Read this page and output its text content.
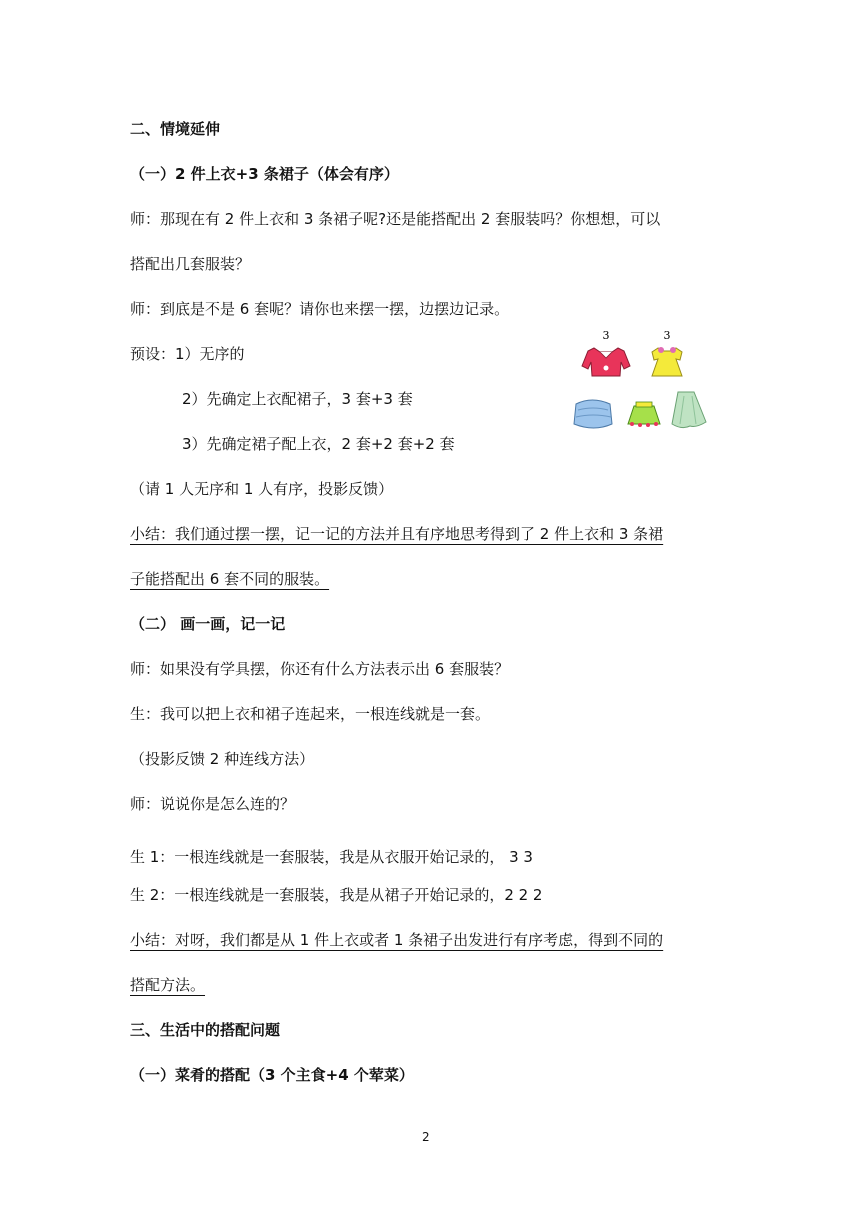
二、情境延伸
（一）2 件上衣+3 条裙子（体会有序）
师：那现在有 2 件上衣和 3 条裙子呢?还是能搭配出 2 套服装吗？你想想，可以
搭配出几套服装？
师：到底是不是 6 套呢？请你也来摆一摆，边摆边记录。
预设：1）无序的
2）先确定上衣配裙子，3 套+3 套
3）先确定裙子配上衣，2 套+2 套+2 套
（请 1 人无序和 1 人有序，投影反馈）
小结：我们通过摆一摆，记一记的方法并且有序地思考得到了 2 件上衣和 3 条裙
子能搭配出 6 套不同的服装。
（二） 画一画，记一记
师：如果没有学具摆，你还有什么方法表示出 6 套服装？
生：我可以把上衣和裙子连起来，一根连线就是一套。
（投影反馈 2 种连线方法）
师：说说你是怎么连的？
生 1：一根连线就是一套服装，我是从衣服开始记录的， 3 3
生 2：一根连线就是一套服装，我是从裙子开始记录的，2 2 2
小结：对呀，我们都是从 1 件上衣或者 1 条裙子出发进行有序考虑，得到不同的
搭配方法。
三、生活中的搭配问题
（一）菜肴的搭配（3 个主食+4 个荤菜）
2
3	3
